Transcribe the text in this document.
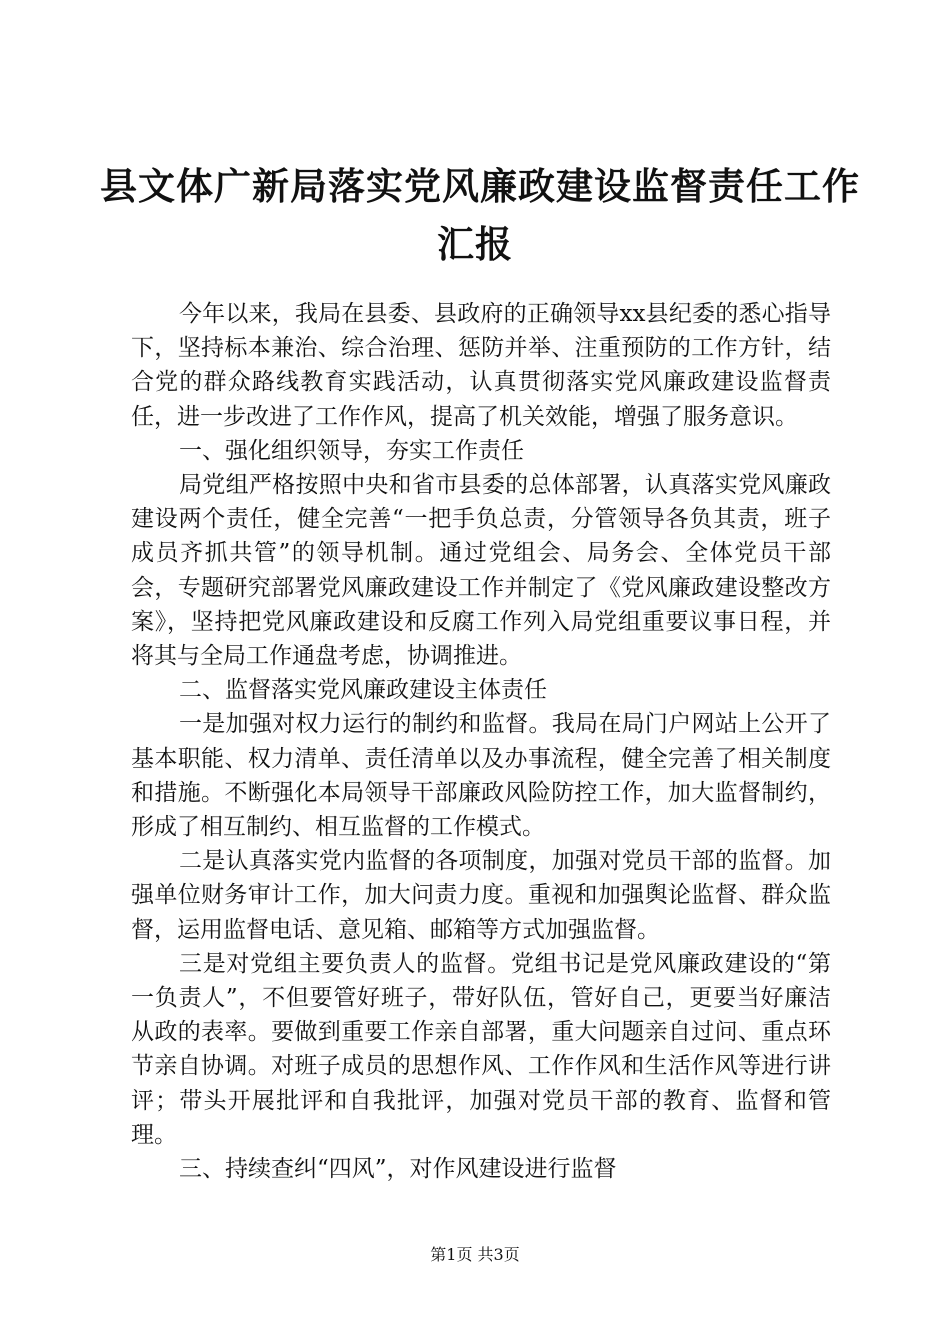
县文体广新局落实党风廉政建设监督责任工作
汇报

今年以来，我局在县委、县政府的正确领导xx县纪委的悉心指导下，坚持标本兼治、综合治理、惩防并举、注重预防的工作方针，结合党的群众路线教育实践活动，认真贯彻落实党风廉政建设监督责任，进一步改进了工作作风，提高了机关效能，增强了服务意识。

一、强化组织领导，夯实工作责任

局党组严格按照中央和省市县委的总体部署，认真落实党风廉政建设两个责任，健全完善“一把手负总责，分管领导各负其责，班子成员齐抓共管”的领导机制。通过党组会、局务会、全体党员干部会，专题研究部署党风廉政建设工作并制定了《党风廉政建设整改方案》，坚持把党风廉政建设和反腐工作列入局党组重要议事日程，并将其与全局工作通盘考虑，协调推进。

二、监督落实党风廉政建设主体责任

一是加强对权力运行的制约和监督。我局在局门户网站上公开了基本职能、权力清单、责任清单以及办事流程，健全完善了相关制度和措施。不断强化本局领导干部廉政风险防控工作，加大监督制约，形成了相互制约、相互监督的工作模式。

二是认真落实党内监督的各项制度，加强对党员干部的监督。加强单位财务审计工作，加大问责力度。重视和加强舆论监督、群众监督，运用监督电话、意见箱、邮箱等方式加强监督。

三是对党组主要负责人的监督。党组书记是党风廉政建设的“第一负责人”，不但要管好班子，带好队伍，管好自己，更要当好廉洁从政的表率。要做到重要工作亲自部署，重大问题亲自过问、重点环节亲自协调。对班子成员的思想作风、工作作风和生活作风等进行讲评；带头开展批评和自我批评，加强对党员干部的教育、监督和管理。

三、持续查纠“四风”，对作风建设进行监督

第1页 共3页
